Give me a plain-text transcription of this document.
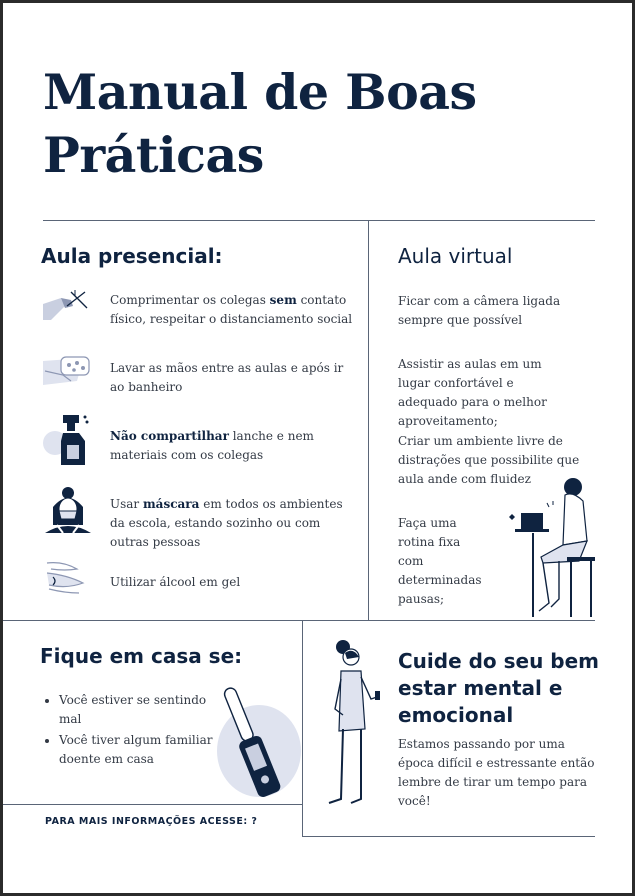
Manual de Boas
Práticas
Aula presencial:
Comprimentar os colegas sem contato físico, respeitar o distanciamento social
Lavar as mãos entre as aulas e após ir ao banheiro
Não compartilhar lanche e nem materiais com os colegas
Usar máscara em todos os ambientes da escola, estando sozinho ou com outras pessoas
Utilizar álcool em gel
Aula virtual
Ficar com a câmera ligada sempre que possível
Assistir as aulas em um lugar confortável e adequado para o melhor aproveitamento;
Criar um ambiente livre de distrações que possibilite que aula ande com fluidez
Faça uma rotina fixa com determinadas pausas;
Fique em casa se:
• Você estiver se sentindo mal
• Você tiver algum familiar doente em casa
PARA MAIS INFORMAÇÕES ACESSE: ?
Cuide do seu bem
estar mental e
emocional
Estamos passando por uma época difícil e estressante então lembre de tirar um tempo para você!
